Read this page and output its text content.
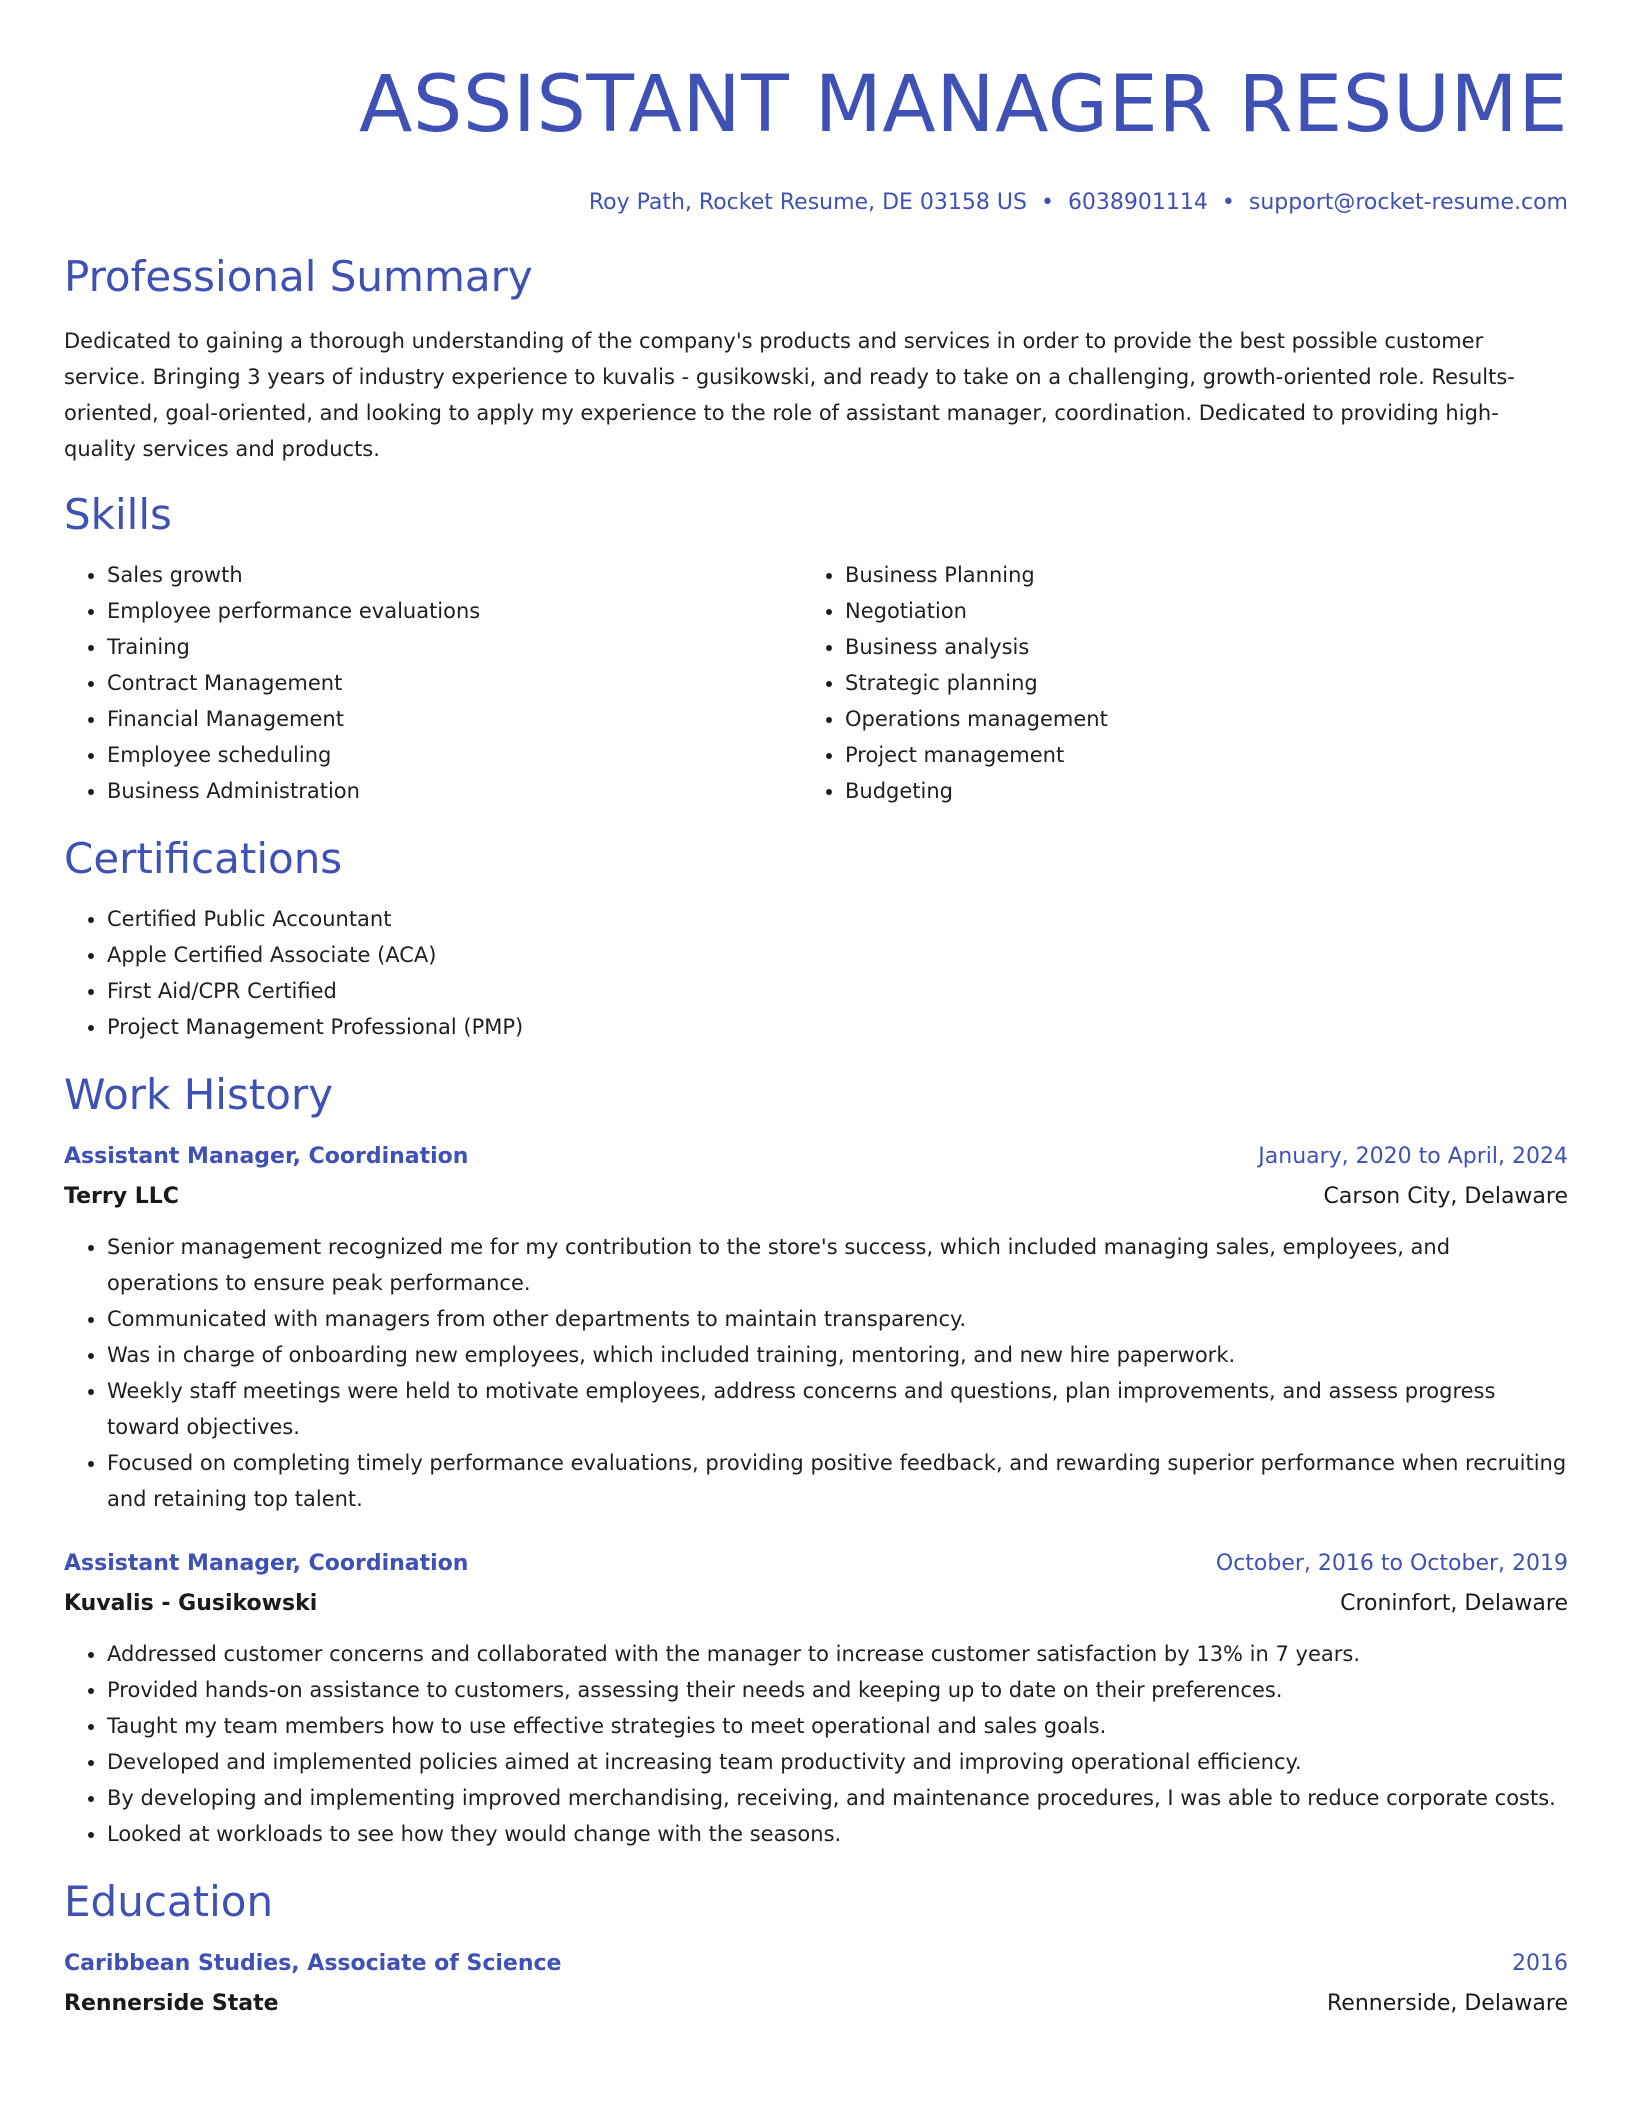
ASSISTANT MANAGER RESUME
Roy Path, Rocket Resume, DE 03158 US • 6038901114 • support@rocket-resume.com
Professional Summary

Dedicated to gaining a thorough understanding of the company's products and services in order to provide the best possible customer service. Bringing 3 years of industry experience to kuvalis - gusikowski, and ready to take on a challenging, growth-oriented role. Results-oriented, goal-oriented, and looking to apply my experience to the role of assistant manager, coordination. Dedicated to providing high-quality services and products.

Skills
• Sales growth
• Employee performance evaluations
• Training
• Contract Management
• Financial Management
• Employee scheduling
• Business Administration
• Business Planning
• Negotiation
• Business analysis
• Strategic planning
• Operations management
• Project management
• Budgeting
Certifications
• Certified Public Accountant
• Apple Certified Associate (ACA)
• First Aid/CPR Certified
• Project Management Professional (PMP)
Work History
Assistant Manager, Coordination	January, 2020 to April, 2024
Terry LLC	Carson City, Delaware
• Senior management recognized me for my contribution to the store's success, which included managing sales, employees, and operations to ensure peak performance.
• Communicated with managers from other departments to maintain transparency.
• Was in charge of onboarding new employees, which included training, mentoring, and new hire paperwork.
• Weekly staff meetings were held to motivate employees, address concerns and questions, plan improvements, and assess progress toward objectives.
• Focused on completing timely performance evaluations, providing positive feedback, and rewarding superior performance when recruiting and retaining top talent.
Assistant Manager, Coordination	October, 2016 to October, 2019
Kuvalis - Gusikowski	Croninfort, Delaware
• Addressed customer concerns and collaborated with the manager to increase customer satisfaction by 13% in 7 years.
• Provided hands-on assistance to customers, assessing their needs and keeping up to date on their preferences.
• Taught my team members how to use effective strategies to meet operational and sales goals.
• Developed and implemented policies aimed at increasing team productivity and improving operational efficiency.
• By developing and implementing improved merchandising, receiving, and maintenance procedures, I was able to reduce corporate costs.
• Looked at workloads to see how they would change with the seasons.
Education
Caribbean Studies, Associate of Science	2016
Rennerside State	Rennerside, Delaware
